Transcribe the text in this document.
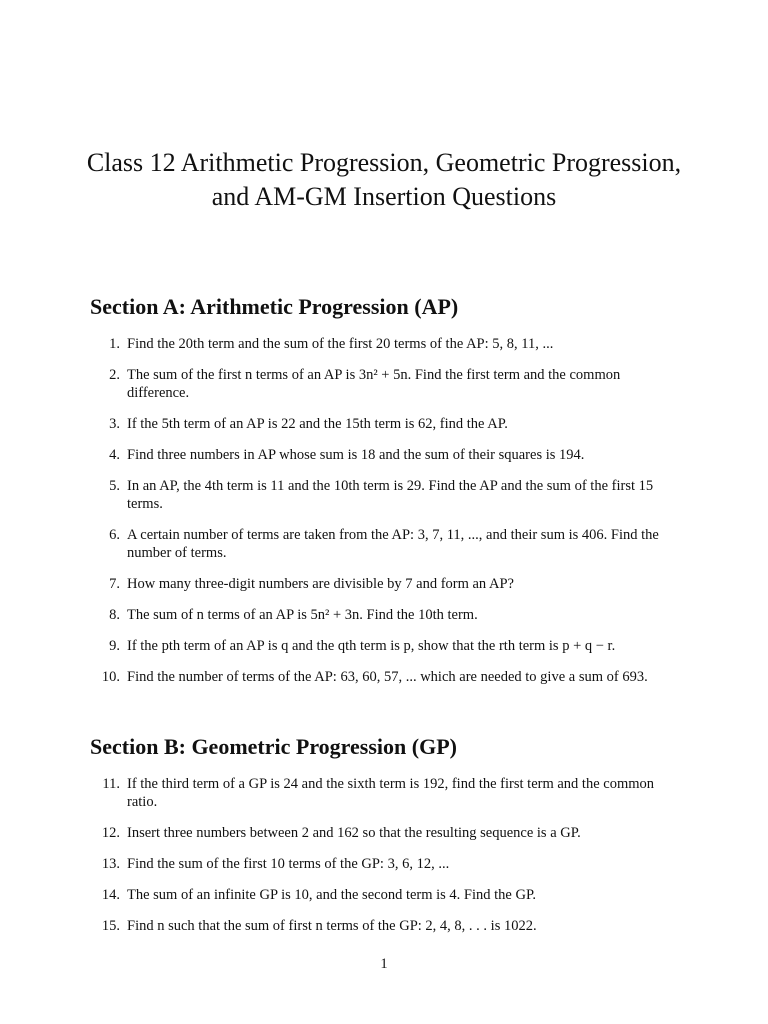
Class 12 Arithmetic Progression, Geometric Progression,
and AM-GM Insertion Questions
Section A: Arithmetic Progression (AP)
1. Find the 20th term and the sum of the first 20 terms of the AP: 5, 8, 11, ...
2. The sum of the first n terms of an AP is 3n² + 5n. Find the first term and the common difference.
3. If the 5th term of an AP is 22 and the 15th term is 62, find the AP.
4. Find three numbers in AP whose sum is 18 and the sum of their squares is 194.
5. In an AP, the 4th term is 11 and the 10th term is 29. Find the AP and the sum of the first 15 terms.
6. A certain number of terms are taken from the AP: 3, 7, 11, ..., and their sum is 406. Find the number of terms.
7. How many three-digit numbers are divisible by 7 and form an AP?
8. The sum of n terms of an AP is 5n² + 3n. Find the 10th term.
9. If the pth term of an AP is q and the qth term is p, show that the rth term is p + q − r.
10. Find the number of terms of the AP: 63, 60, 57, ... which are needed to give a sum of 693.
Section B: Geometric Progression (GP)
11. If the third term of a GP is 24 and the sixth term is 192, find the first term and the common ratio.
12. Insert three numbers between 2 and 162 so that the resulting sequence is a GP.
13. Find the sum of the first 10 terms of the GP: 3, 6, 12, ...
14. The sum of an infinite GP is 10, and the second term is 4. Find the GP.
15. Find n such that the sum of first n terms of the GP: 2, 4, 8, . . . is 1022.
1
